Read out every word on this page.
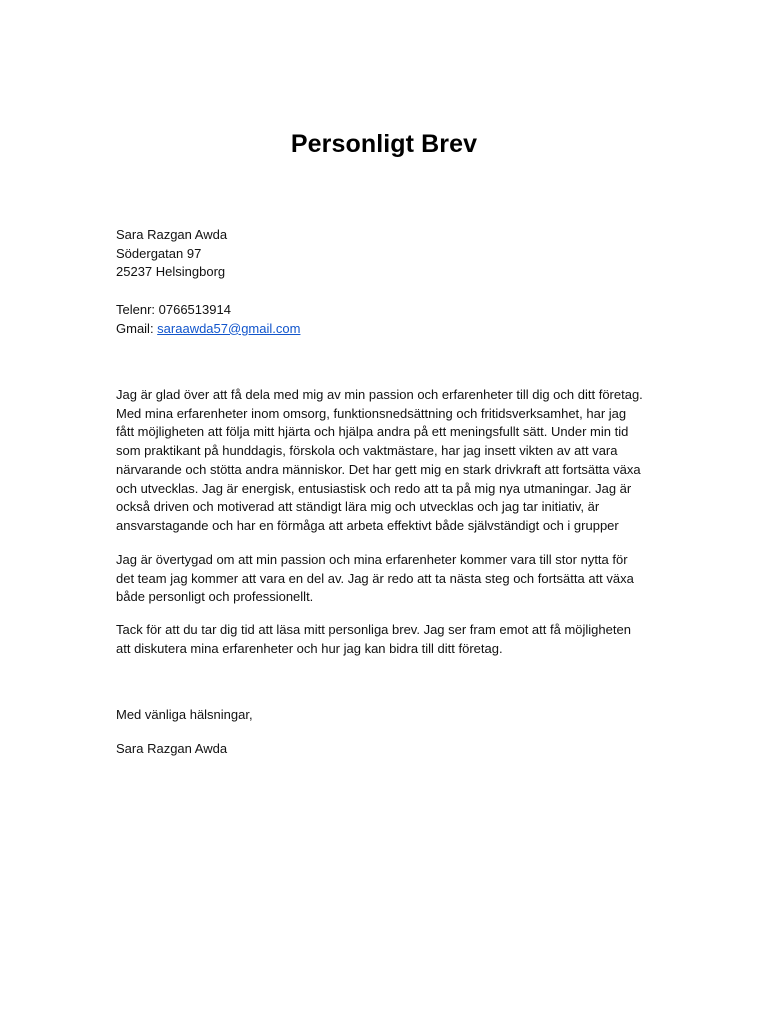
Personligt Brev
Sara Razgan Awda
Södergatan 97
25237 Helsingborg
Telenr: 0766513914
Gmail: saraawda57@gmail.com
Jag är glad över att få dela med mig av min passion och erfarenheter till dig och ditt företag.
Med mina erfarenheter inom omsorg, funktionsnedsättning och fritidsverksamhet, har jag
fått möjligheten att följa mitt hjärta och hjälpa andra på ett meningsfullt sätt. Under min tid
som praktikant på hunddagis, förskola och vaktmästare, har jag insett vikten av att vara
närvarande och stötta andra människor. Det har gett mig en stark drivkraft att fortsätta växa
och utvecklas. Jag är energisk, entusiastisk och redo att ta på mig nya utmaningar. Jag är
också driven och motiverad att ständigt lära mig och utvecklas och jag tar initiativ, är
ansvarstagande och har en förmåga att arbeta effektivt både självständigt och i grupper
Jag är övertygad om att min passion och mina erfarenheter kommer vara till stor nytta för
det team jag kommer att vara en del av. Jag är redo att ta nästa steg och fortsätta att växa
både personligt och professionellt.
Tack för att du tar dig tid att läsa mitt personliga brev. Jag ser fram emot att få möjligheten
att diskutera mina erfarenheter och hur jag kan bidra till ditt företag.
Med vänliga hälsningar,
Sara Razgan Awda
